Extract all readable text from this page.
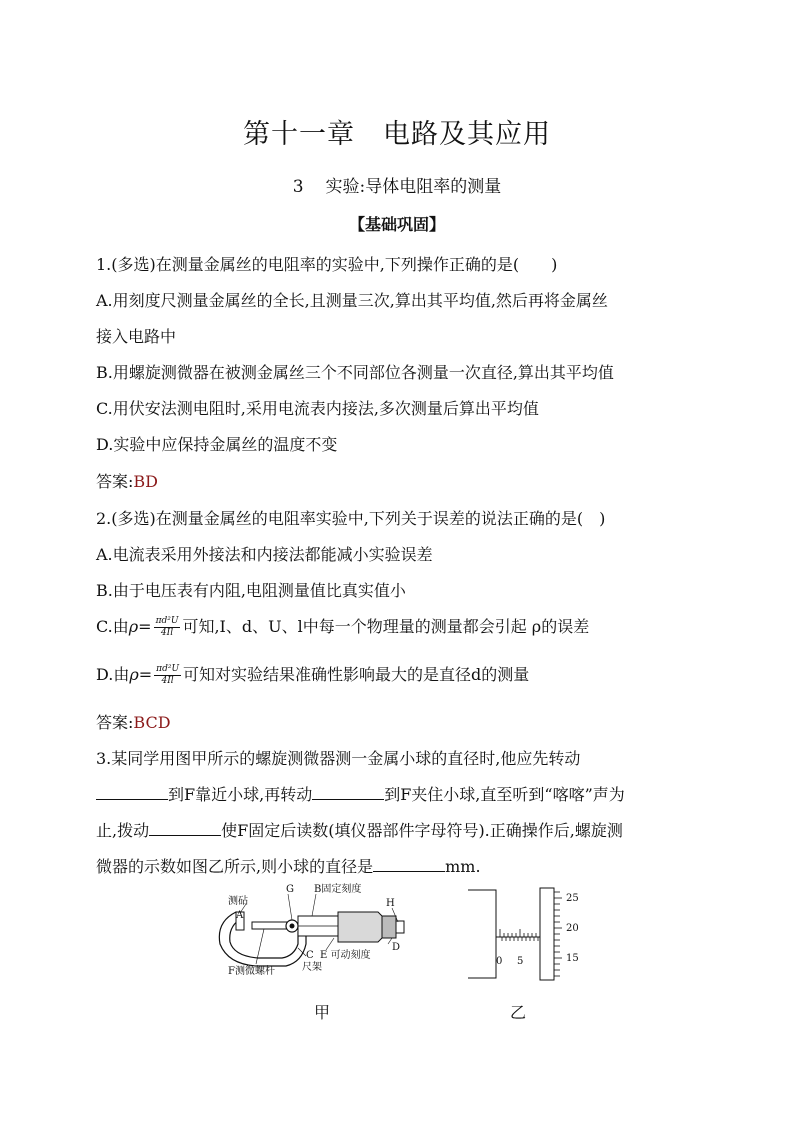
第十一章　电路及其应用
3 实验:导体电阻率的测量
【基础巩固】
1.(多选)在测量金属丝的电阻率的实验中,下列操作正确的是(　　)
A.用刻度尺测量金属丝的全长,且测量三次,算出其平均值,然后再将金属丝
接入电路中
B.用螺旋测微器在被测金属丝三个不同部位各测量一次直径,算出其平均值
C.用伏安法测电阻时,采用电流表内接法,多次测量后算出平均值
D.实验中应保持金属丝的温度不变
答案:BD
2.(多选)在测量金属丝的电阻率实验中,下列关于误差的说法正确的是(　)
A.电流表采用外接法和内接法都能减小实验误差
B.由于电压表有内阻,电阻测量值比真实值小
C.由$\rho= \frac{\text{πd²U}}{4Il}$ 可知,I、d、U、l中每一个物理量的测量都会引起 ρ的误差
D.由$\rho= \frac{\text{πd²U}}{4Il}$ 可知对实验结果准确性影响最大的是直径d的测量
答案:BCD
3.某同学用图甲所示的螺旋测微器测一金属小球的直径时,他应先转动
到F靠近小球,再转动	到F夹住小球,直至听到“喀喀”声为
止,拨动	使F固定后读数(填仪器部件字母符号).正确操作后,螺旋测
微器的示数如图乙所示,则小球的直径是	mm.
测砧
A
G B固定刻度
H
D
E 可动刻度
C
尺架
F测微螺杆
0 5
25
20
15
甲	乙
